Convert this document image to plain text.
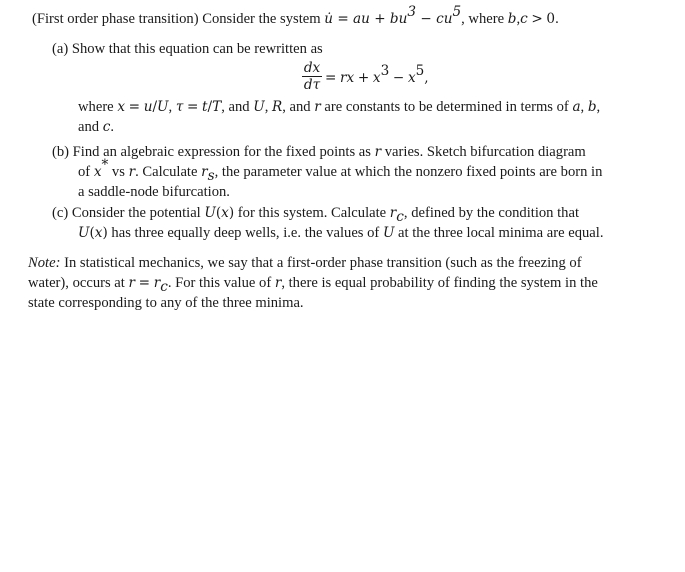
(First order phase transition) Consider the system u̇ = au + $bu^3 - cu^5$, where b,c > 0.
(a) Show that this equation can be rewritten as
dx
dτ = rx + $x^3 - x^5$,
where x = u/U, τ = t/T, and U, R, and r are constants to be determined in terms of a, b,
and c.
(b) Find an algebraic expression for the fixed points as r varies. Sketch bifurcation diagram
of x* vs r. Calculate $r_s$, the parameter value at which the nonzero fixed points are born in
a saddle-node bifurcation.
(c) Consider the potential U(x) for this system. Calculate $r_c$, defined by the condition that
U(x) has three equally deep wells, i.e. the values of U at the three local minima are equal.
Note: In statistical mechanics, we say that a first-order phase transition (such as the freezing of
water), occurs at $r = r_c$. For this value of r, there is equal probability of finding the system in the
state corresponding to any of the three minima.
